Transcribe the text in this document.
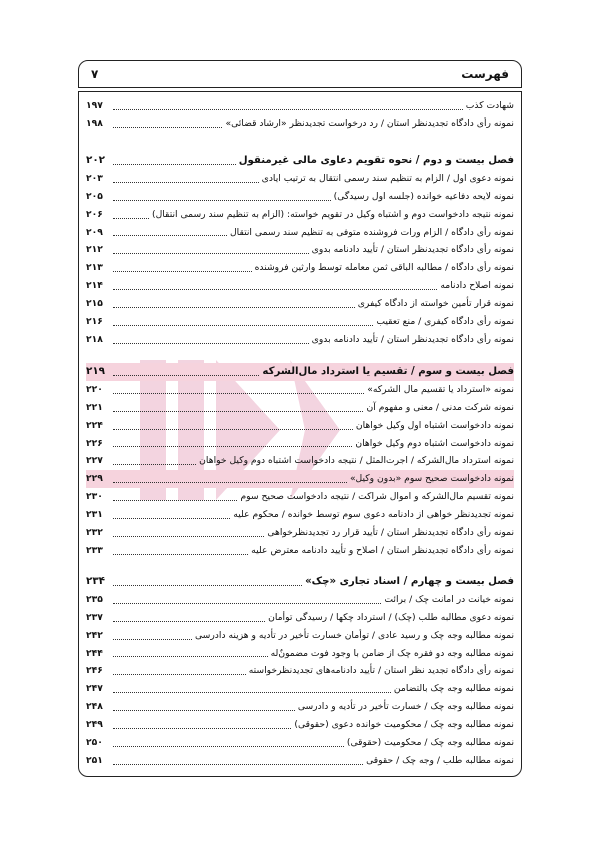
فهرست
۷
شهادت کذب
۱۹۷
نمونه رأی دادگاه تجدیدنظر استان / رد درخواست تجدیدنظر «ارشاد قضائی»
۱۹۸
فصل بیست و دوم / نحوه تقویم دعاوی مالی غیرمنقول
۲۰۲
نمونه دعوی اول / الزام به تنظیم سند رسمی انتقال به ترتیب ایادی
۲۰۳
نمونه لایحه دفاعیه خوانده (جلسه اول رسیدگی)
۲۰۵
نمونه نتیجه دادخواست دوم و اشتباه وکیل در تقویم خواسته: (الزام به تنظیم سند رسمی انتقال)
۲۰۶
نمونه رأی دادگاه / الزام ورات فروشنده متوفی به تنظیم سند رسمی انتقال
۲۰۹
نمونه رأی دادگاه تجدیدنظر استان / تأیید دادنامه بدوی
۲۱۲
نمونه رأی دادگاه / مطالبه الباقی ثمن معامله توسط وارثین فروشنده
۲۱۳
نمونه اصلاح دادنامه
۲۱۴
نمونه قرار تأمین خواسته از دادگاه کیفری
۲۱۵
نمونه رأی دادگاه کیفری / منع تعقیب
۲۱۶
نمونه رأی دادگاه تجدیدنظر استان / تأیید دادنامه بدوی
۲۱۸
فصل بیست و سوم / تقسیم یا استرداد مال‌الشرکه
۲۱۹
نمونه «استرداد یا تقسیم مال الشرکه»
۲۲۰
نمونه شرکت مدنی / معنی و مفهوم آن
۲۲۱
نمونه دادخواست اشتباه اول وکیل خواهان
۲۲۴
نمونه دادخواست اشتباه دوم وکیل خواهان
۲۲۶
نمونه استرداد مال‌الشرکه / اجرت‌المثل / نتیجه دادخواست اشتباه دوم وکیل خواهان
۲۲۷
نمونه دادخواست صحیح سوم «بدون وکیل»
۲۲۹
نمونه تقسیم مال‌الشرکه و اموال شراکت / نتیجه دادخواست صحیح سوم
۲۳۰
نمونه تجدیدنظر خواهی از دادنامه دعوی سوم توسط خوانده / محکوم علیه
۲۳۱
نمونه رأی دادگاه تجدیدنظر استان / تأیید قرار رد تجدیدنظرخواهی
۲۳۲
نمونه رأی دادگاه تجدیدنظر استان / اصلاح و تأیید دادنامه معترض علیه
۲۳۳
فصل بیست و چهارم / اسناد تجاری «چک»
۲۳۴
نمونه خیانت در امانت چک / برائت
۲۳۵
نمونه دعوی مطالبه طلب (چک) / استرداد چکها / رسیدگی توأمان
۲۳۷
نمونه مطالبه وجه چک و رسید عادی / توأمان خسارت تأخیر در تأدیه و هزینه دادرسی
۲۴۲
نمونه مطالبه وجه دو فقره چک از ضامن با وجود فوت مضمون‌ٌله
۲۴۴
نمونه رأی دادگاه تجدید نظر استان / تأیید دادنامه‌های تجدیدنظرخواسته
۲۴۶
نمونه مطالبه وجه چک بالتضامن
۲۴۷
نمونه مطالبه وجه چک / خسارت تأخیر در تأدیه و دادرسی
۲۴۸
نمونه مطالبه وجه چک / محکومیت خوانده دعوی (حقوقی)
۲۴۹
نمونه مطالبه وجه چک / محکومیت (حقوقی)
۲۵۰
نمونه مطالبه طلب / وجه چک / حقوقی
۲۵۱
